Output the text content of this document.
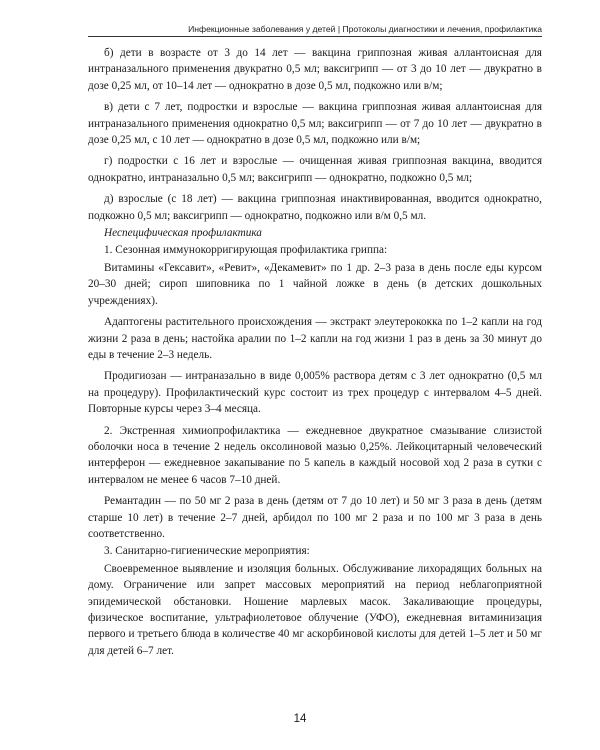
Инфекционные заболевания у детей | Протоколы диагностики и лечения, профилактика

б) дети в возрасте от 3 до 14 лет — вакцина гриппозная живая аллантоисная для интраназального применения двукратно 0,5 мл; ваксигрипп — от 3 до 10 лет — двукратно в дозе 0,25 мл, от 10–14 лет — однократно в дозе 0,5 мл, подкожно или в/м;

в) дети с 7 лет, подростки и взрослые — вакцина гриппозная живая аллантоисная для интраназального применения однократно 0,5 мл; ваксигрипп — от 7 до 10 лет — двукратно в дозе 0,25 мл, с 10 лет — однократно в дозе 0,5 мл, подкожно или в/м;

г) подростки с 16 лет и взрослые — очищенная живая гриппозная вакцина, вводится однократно, интраназально 0,5 мл; ваксигрипп — однократно, подкожно 0,5 мл;

д) взрослые (с 18 лет) — вакцина гриппозная инактивированная, вводится однократно, подкожно 0,5 мл; ваксигрипп — однократно, подкожно или в/м 0,5 мл.

Неспецифическая профилактика

1. Сезонная иммунокорригирующая профилактика гриппа:

Витамины «Гексавит», «Ревит», «Декамевит» по 1 др. 2–3 раза в день после еды курсом 20–30 дней; сироп шиповника по 1 чайной ложке в день (в детских дошкольных учреждениях).

Адаптогены растительного происхождения — экстракт элеутерококка по 1–2 капли на год жизни 2 раза в день; настойка аралии по 1–2 капли на год жизни 1 раз в день за 30 минут до еды в течение 2–3 недель.

Продигиозан — интраназально в виде 0,005% раствора детям с 3 лет однократно (0,5 мл на процедуру). Профилактический курс состоит из трех процедур с интервалом 4–5 дней. Повторные курсы через 3–4 месяца.

2. Экстренная химиопрофилактика — ежедневное двукратное смазывание слизистой оболочки носа в течение 2 недель оксолиновой мазью 0,25%. Лейкоцитарный человеческий интерферон — ежедневное закапывание по 5 капель в каждый носовой ход 2 раза в сутки с интервалом не менее 6 часов 7–10 дней.

Ремантадин — по 50 мг 2 раза в день (детям от 7 до 10 лет) и 50 мг 3 раза в день (детям старше 10 лет) в течение 2–7 дней, арбидол по 100 мг 2 раза и по 100 мг 3 раза в день соответственно.

3. Санитарно-гигиенические мероприятия:

Своевременное выявление и изоляция больных. Обслуживание лихорадящих больных на дому. Ограничение или запрет массовых мероприятий на период неблагоприятной эпидемической обстановки. Ношение марлевых масок. Закаливающие процедуры, физическое воспитание, ультрафиолетовое облучение (УФО), ежедневная витаминизация первого и третьего блюда в количестве 40 мг аскорбиновой кислоты для детей 1–5 лет и 50 мг для детей 6–7 лет.

14
